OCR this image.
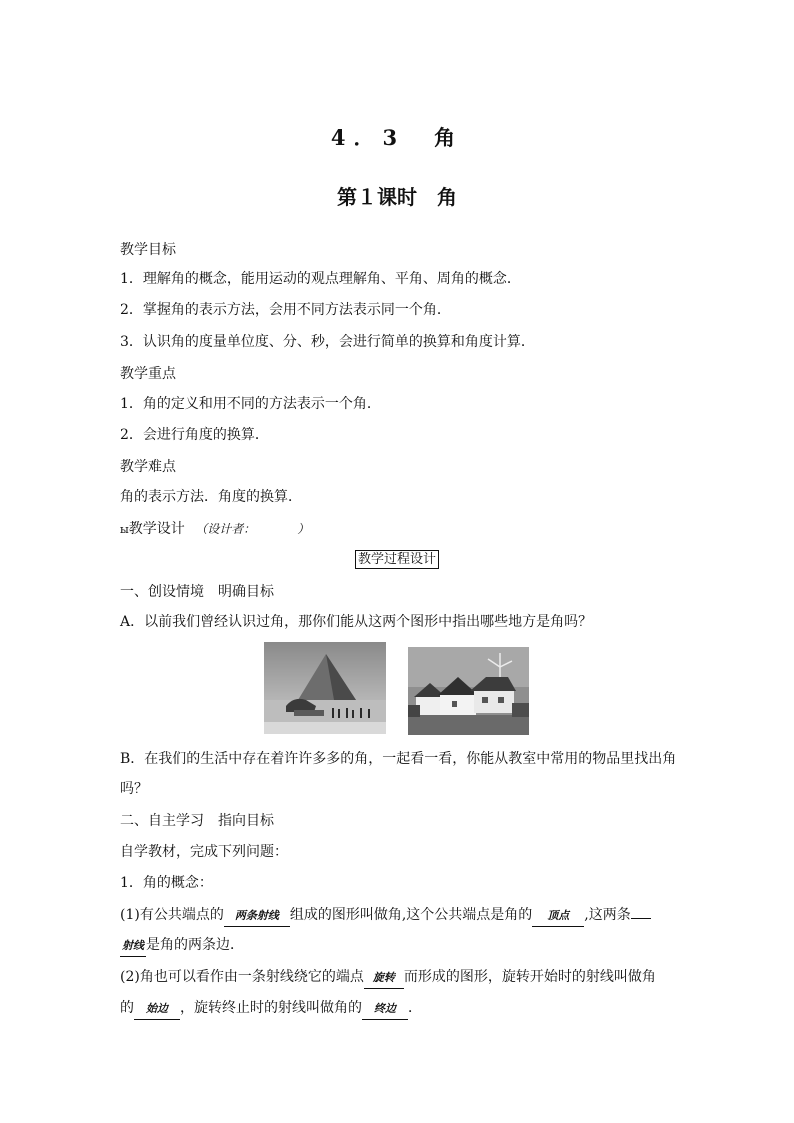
4．3　角
第１课时　角
教学目标
1．理解角的概念，能用运动的观点理解角、平角、周角的概念．
2．掌握角的表示方法，会用不同方法表示同一个角．
3．认识角的度量单位度、分、秒，会进行简单的换算和角度计算．
教学重点
1．角的定义和用不同的方法表示一个角．
2．会进行角度的换算．
教学难点
角的表示方法．角度的换算．
ы教学设计 （设计者：　　　　）
教学过程设计
一、创设情境　明确目标
A．以前我们曾经认识过角，那你们能从这两个图形中指出哪些地方是角吗？
B．在我们的生活中存在着许许多多的角，一起看一看，你能从教室中常用的物品里找出角
吗？
二、自主学习　指向目标
自学教材，完成下列问题：
1．角的概念：
(1)有公共端点的 两条射线 组成的图形叫做角,这个公共端点是角的 顶点 ,这两条
射线 是角的两条边．
(2)角也可以看作由一条射线绕它的端点 旋转 而形成的图形，旋转开始时的射线叫做角
的 始边 ，旋转终止时的射线叫做角的 终边 ．
